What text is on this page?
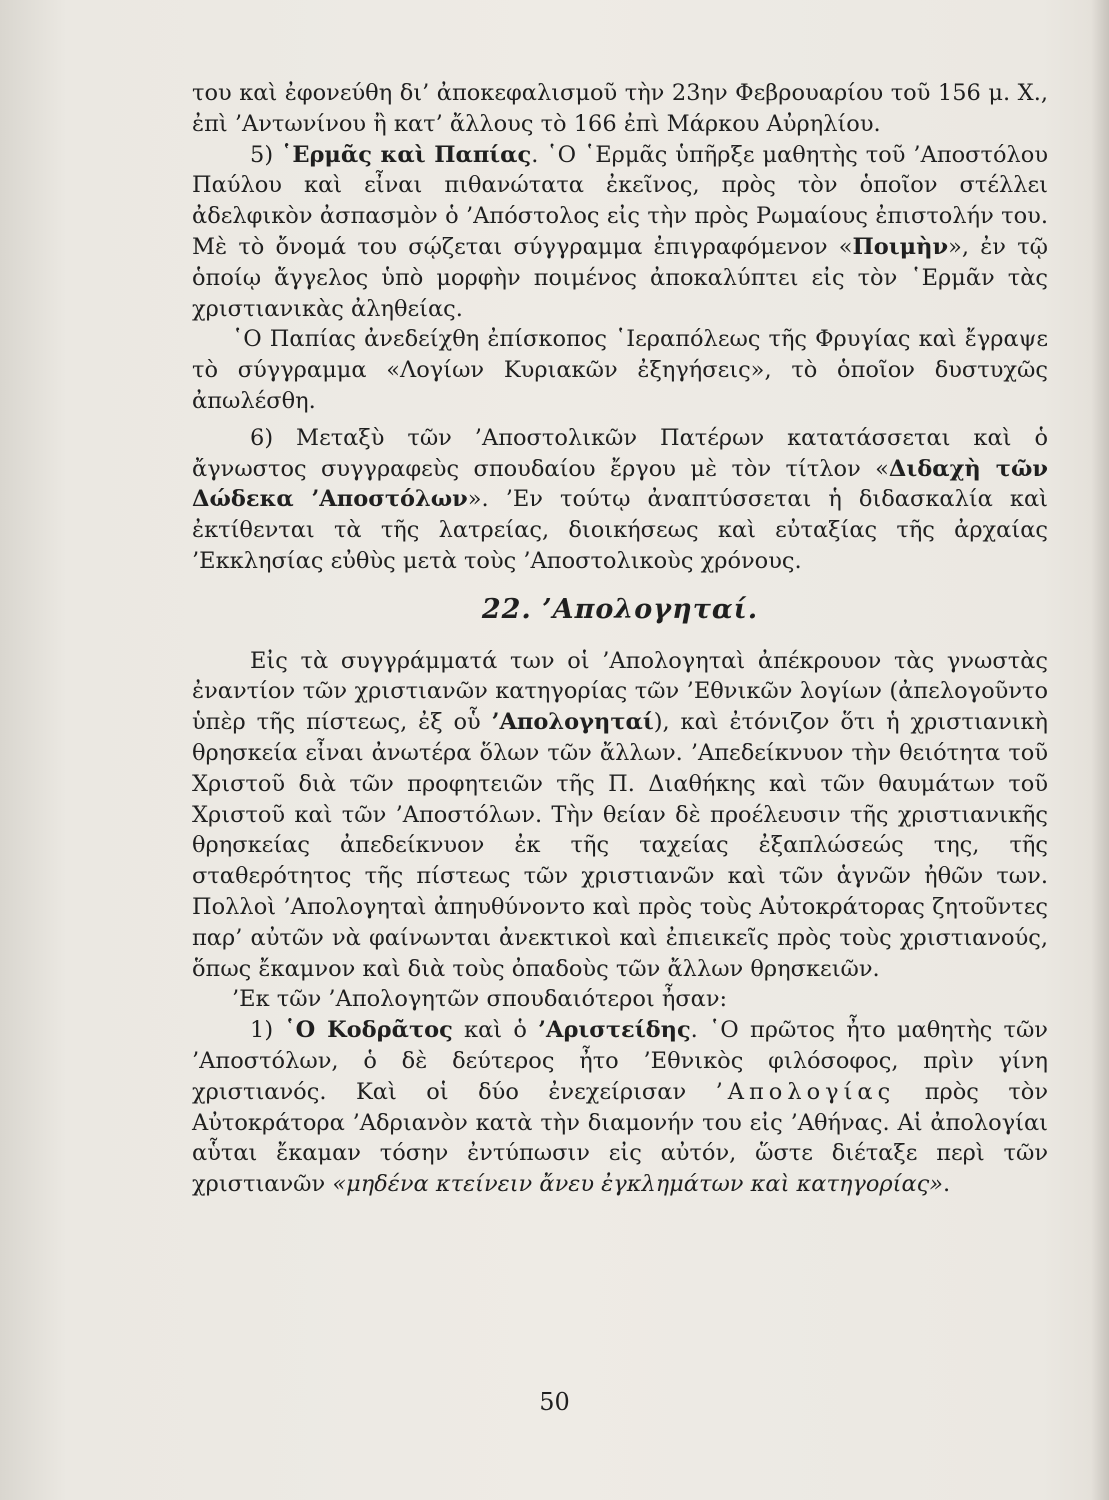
του καὶ ἐφονεύθη δι’ ἀποκεφαλισμοῦ τὴν 23ην Φεβρουαρίου τοῦ 156 μ. Χ., ἐπὶ ’Αντωνίνου ἢ κατ’ ἄλλους τὸ 166 ἐπὶ Μάρκου Αὐρηλίου.

5) ῾Ερμᾶς καὶ Παπίας. ῾Ο ῾Ερμᾶς ὑπῆρξε μαθητὴς τοῦ ’Αποστόλου Παύλου καὶ εἶναι πιθανώτατα ἐκεῖνος, πρὸς τὸν ὁποῖον στέλλει ἀδελφικὸν ἀσπασμὸν ὁ ’Απόστολος εἰς τὴν πρὸς Ρωμαίους ἐπιστολήν του. Μὲ τὸ ὄνομά του σῴζεται σύγγραμμα ἐπιγραφόμενον «Ποιμὴν», ἐν τῷ ὁποίῳ ἄγγελος ὑπὸ μορφὴν ποιμένος ἀποκαλύπτει εἰς τὸν ῾Ερμᾶν τὰς χριστιανικὰς ἀληθείας.

῾Ο Παπίας ἀνεδείχθη ἐπίσκοπος ῾Ιεραπόλεως τῆς Φρυγίας καὶ ἔγραψε τὸ σύγγραμμα «Λογίων Κυριακῶν ἐξηγήσεις», τὸ ὁποῖον δυστυχῶς ἀπωλέσθη.

6) Μεταξὺ τῶν ’Αποστολικῶν Πατέρων κατατάσσεται καὶ ὁ ἄγνωστος συγγραφεὺς σπουδαίου ἔργου μὲ τὸν τίτλον «Διδαχὴ τῶν Δώδεκα ’Αποστόλων». ’Εν τούτῳ ἀναπτύσσεται ἡ διδασκαλία καὶ ἐκτίθενται τὰ τῆς λατρείας, διοικήσεως καὶ εὐταξίας τῆς ἀρχαίας ’Εκκλησίας εὐθὺς μετὰ τοὺς ’Αποστολικοὺς χρόνους.

22. ’Απολογηταί.

Εἰς τὰ συγγράμματά των οἱ ’Απολογηταὶ ἀπέκρουον τὰς γνωστὰς ἐναντίον τῶν χριστιανῶν κατηγορίας τῶν ’Εθνικῶν λογίων (ἀπελογοῦντο ὑπὲρ τῆς πίστεως, ἐξ οὗ ’Απολογηταί), καὶ ἐτόνιζον ὅτι ἡ χριστιανικὴ θρησκεία εἶναι ἀνωτέρα ὅλων τῶν ἄλλων. ’Απεδείκνυον τὴν θειότητα τοῦ Χριστοῦ διὰ τῶν προφητειῶν τῆς Π. Διαθήκης καὶ τῶν θαυμάτων τοῦ Χριστοῦ καὶ τῶν ’Αποστόλων. Τὴν θείαν δὲ προέλευσιν τῆς χριστιανικῆς θρησκείας ἀπεδείκνυον ἐκ τῆς ταχείας ἐξαπλώσεώς της, τῆς σταθερότητος τῆς πίστεως τῶν χριστιανῶν καὶ τῶν ἁγνῶν ἠθῶν των. Πολλοὶ ’Απολογηταὶ ἀπηυθύνοντο καὶ πρὸς τοὺς Αὐτοκράτορας ζητοῦντες παρ’ αὐτῶν νὰ φαίνωνται ἀνεκτικοὶ καὶ ἐπιεικεῖς πρὸς τοὺς χριστιανούς, ὅπως ἔκαμνον καὶ διὰ τοὺς ὀπαδοὺς τῶν ἄλλων θρησκειῶν.

’Εκ τῶν ’Απολογητῶν σπουδαιότεροι ἦσαν:

1) ῾Ο Κοδρᾶτος καὶ ὁ ’Αριστείδης. ῾Ο πρῶτος ἦτο μαθητὴς τῶν ’Αποστόλων, ὁ δὲ δεύτερος ἦτο ’Εθνικὸς φιλόσοφος, πρὶν γίνη χριστιανός. Καὶ οἱ δύο ἐνεχείρισαν ’Απολογίας πρὸς τὸν Αὐτοκράτορα ’Αδριανὸν κατὰ τὴν διαμονήν του εἰς ’Αθήνας. Αἱ ἀπολογίαι αὗται ἔκαμαν τόσην ἐντύπωσιν εἰς αὐτόν, ὥστε διέταξε περὶ τῶν χριστιανῶν «μηδένα κτείνειν ἄνευ ἐγκλημάτων καὶ κατηγορίας».

50
